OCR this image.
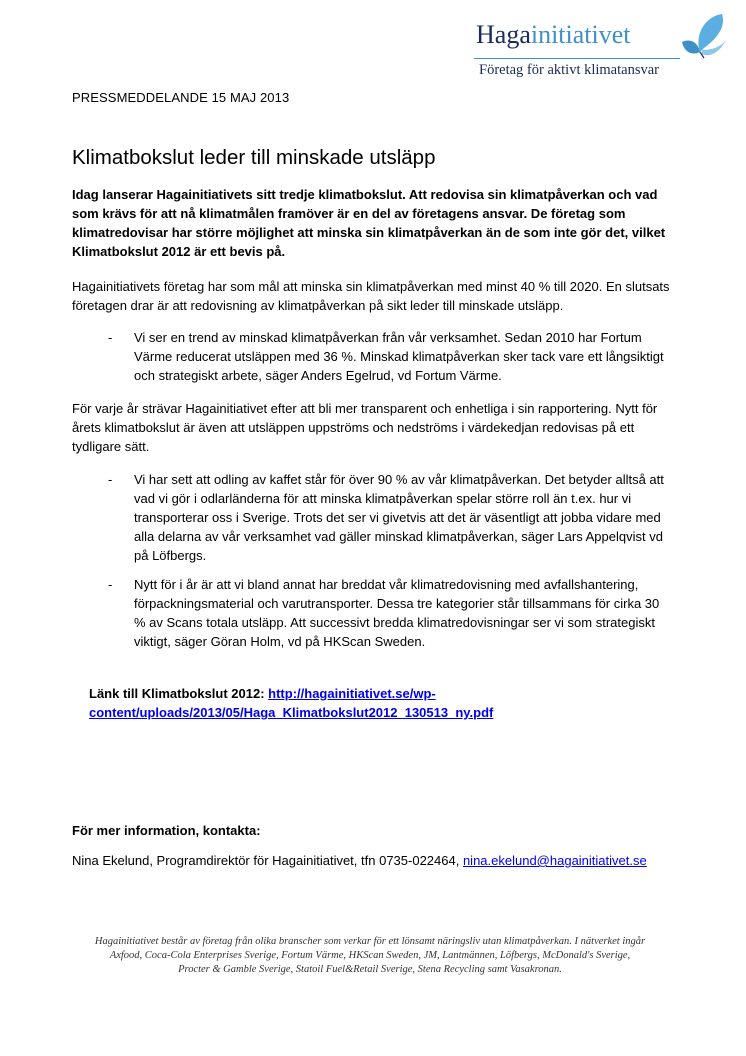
Hagainitiativet
Företag för aktivt klimatansvar
PRESSMEDDELANDE 15 MAJ 2013
Klimatbokslut leder till minskade utsläpp

Idag lanserar Hagainitiativets sitt tredje klimatbokslut. Att redovisa sin klimatpåverkan och vad som krävs för att nå klimatmålen framöver är en del av företagens ansvar. De företag som klimatredovisar har större möjlighet att minska sin klimatpåverkan än de som inte gör det, vilket Klimatbokslut 2012 är ett bevis på.

Hagainitiativets företag har som mål att minska sin klimatpåverkan med minst 40 % till 2020. En slutsats företagen drar är att redovisning av klimatpåverkan på sikt leder till minskade utsläpp.

- Vi ser en trend av minskad klimatpåverkan från vår verksamhet. Sedan 2010 har Fortum Värme reducerat utsläppen med 36 %. Minskad klimatpåverkan sker tack vare ett långsiktigt och strategiskt arbete, säger Anders Egelrud, vd Fortum Värme.

För varje år strävar Hagainitiativet efter att bli mer transparent och enhetliga i sin rapportering. Nytt för årets klimatbokslut är även att utsläppen uppströms och nedströms i värdekedjan redovisas på ett tydligare sätt.

- Vi har sett att odling av kaffet står för över 90 % av vår klimatpåverkan. Det betyder alltså att vad vi gör i odlarländerna för att minska klimatpåverkan spelar större roll än t.ex. hur vi transporterar oss i Sverige. Trots det ser vi givetvis att det är väsentligt att jobba vidare med alla delarna av vår verksamhet vad gäller minskad klimatpåverkan, säger Lars Appelqvist vd på Löfbergs.
- Nytt för i år är att vi bland annat har breddat vår klimatredovisning med avfallshantering, förpackningsmaterial och varutransporter. Dessa tre kategorier står tillsammans för cirka 30 % av Scans totala utsläpp. Att successivt bredda klimatredovisningar ser vi som strategiskt viktigt, säger Göran Holm, vd på HKScan Sweden.
Länk till Klimatbokslut 2012: http://hagainitiativet.se/wp-
content/uploads/2013/05/Haga_Klimatbokslut2012_130513_ny.pdf
För mer information, kontakta:
Nina Ekelund, Programdirektör för Hagainitiativet, tfn 0735-022464, nina.ekelund@hagainitiativet.se
Hagainitiativet består av företag från olika branscher som verkar för ett lönsamt näringsliv utan klimatpåverkan. I nätverket ingår
Axfood, Coca-Cola Enterprises Sverige, Fortum Värme, HKScan Sweden, JM, Lantmännen, Löfbergs, McDonald's Sverige,
Procter & Gamble Sverige, Statoil Fuel&Retail Sverige, Stena Recycling samt Vasakronan.
